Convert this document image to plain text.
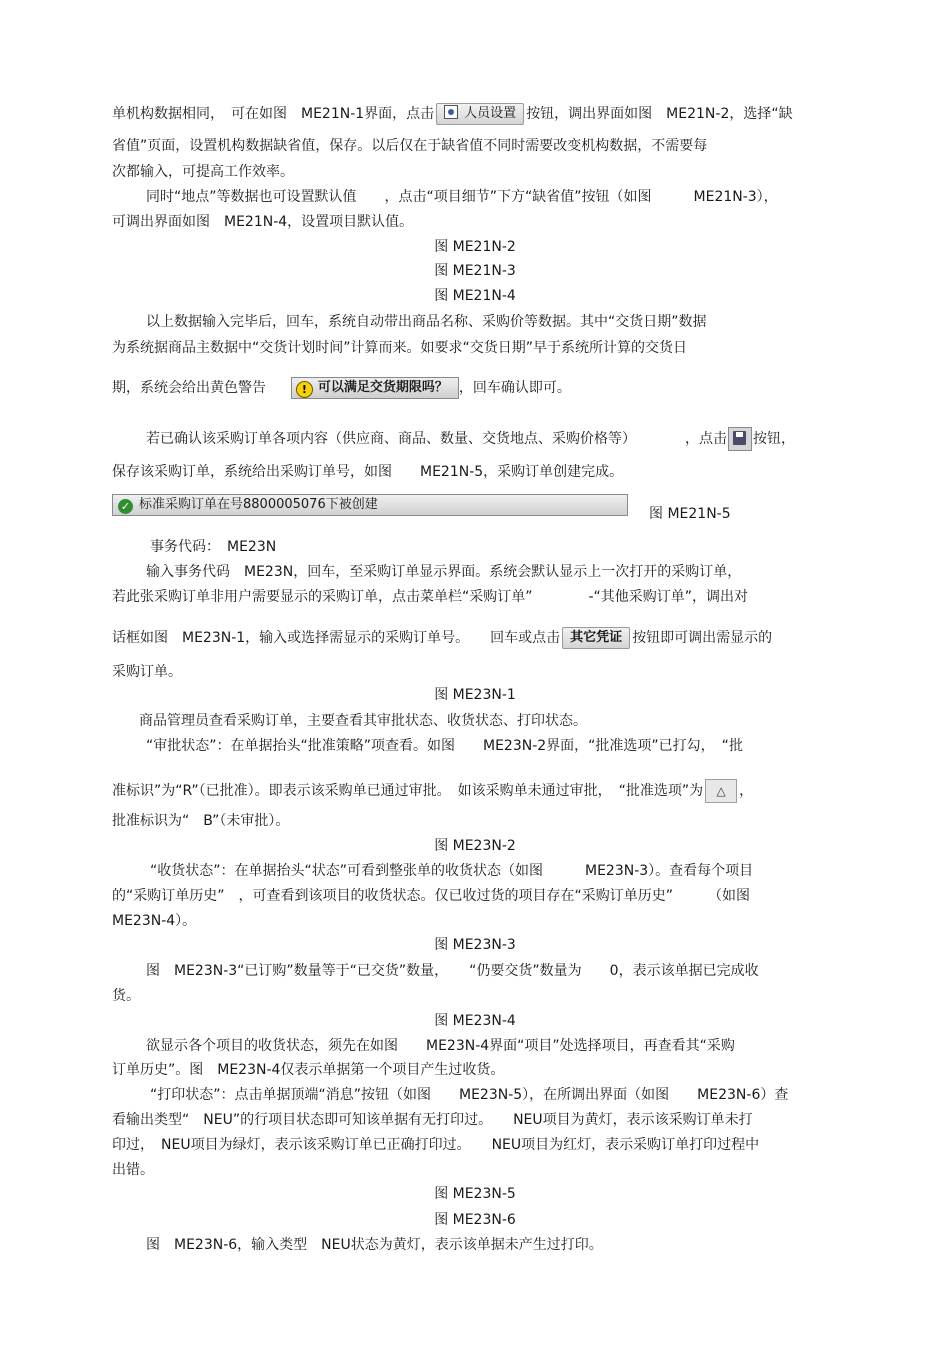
单机构数据相同，　可在如图　ME21N-1界面，点击 人员设置 按钮，调出界面如图　ME21N-2，选择“缺
省值”页面，设置机构数据缺省值，保存。以后仅在于缺省值不同时需要改变机构数据，不需要每
次都输入，可提高工作效率。
同时“地点”等数据也可设置默认值　　，点击“项目细节”下方“缺省值”按钮（如图　　　ME21N-3），
可调出界面如图　ME21N-4，设置项目默认值。
图 ME21N-2
图 ME21N-3
图 ME21N-4
以上数据输入完毕后，回车，系统自动带出商品名称、采购价等数据。其中“交货日期”数据
为系统据商品主数据中“交货计划时间”计算而来。如要求“交货日期”早于系统所计算的交货日
期，系统会给出黄色警告	! 可以满足交货期限吗？ ，回车确认即可。
若已确认该采购订单各项内容（供应商、商品、数量、交货地点、采购价格等）　　　　，点击 按钮，
保存该采购订单，系统给出采购订单号，如图　　ME21N-5，采购订单创建完成。
✓ 标准采购订单在号8800005076下被创建
图 ME21N-5
事务代码：　ME23N
输入事务代码　ME23N，回车，至采购订单显示界面。系统会默认显示上一次打开的采购订单，
若此张采购订单非用户需要显示的采购订单，点击菜单栏“采购订单”　　　　-“其他采购订单”，调出对
话框如图　ME23N-1，输入或选择需显示的采购订单号。　　回车或点击 其它凭证 按钮即可调出需显示的
采购订单。
图 ME23N-1
商品管理员查看采购订单，主要查看其审批状态、收货状态、打印状态。
“审批状态”：在单据抬头“批准策略”项查看。如图　　ME23N-2界面，“批准选项”已打勾，　“批
准标识”为“R”（已批准）。即表示该采购单已通过审批。　如该采购单未通过审批，　“批准选项”为 △ ，
批准标识为“　B”（未审批）。
图 ME23N-2
“收货状态”：在单据抬头“状态”可看到整张单的收货状态（如图　　　ME23N-3）。查看每个项目
的“采购订单历史”　，可查看到该项目的收货状态。仅已收过货的项目存在“采购订单历史”　　　（如图
ME23N-4）。
图 ME23N-3
图　ME23N-3“已订购”数量等于“已交货”数量，　　“仍要交货”数量为　　0，表示该单据已完成收
货。
图 ME23N-4
欲显示各个项目的收货状态，须先在如图　　ME23N-4界面“项目”处选择项目，再查看其“采购
订单历史”。图　ME23N-4仅表示单据第一个项目产生过收货。
“打印状态”：点击单据顶端“消息”按钮（如图　　ME23N-5），在所调出界面（如图　　ME23N-6）查
看输出类型“　NEU”的行项目状态即可知该单据有无打印过。　　NEU项目为黄灯，表示该采购订单未打
印过，　NEU项目为绿灯，表示该采购订单已正确打印过。　　NEU项目为红灯，表示采购订单打印过程中
出错。
图 ME23N-5
图 ME23N-6
图　ME23N-6，输入类型　NEU状态为黄灯，表示该单据未产生过打印。
